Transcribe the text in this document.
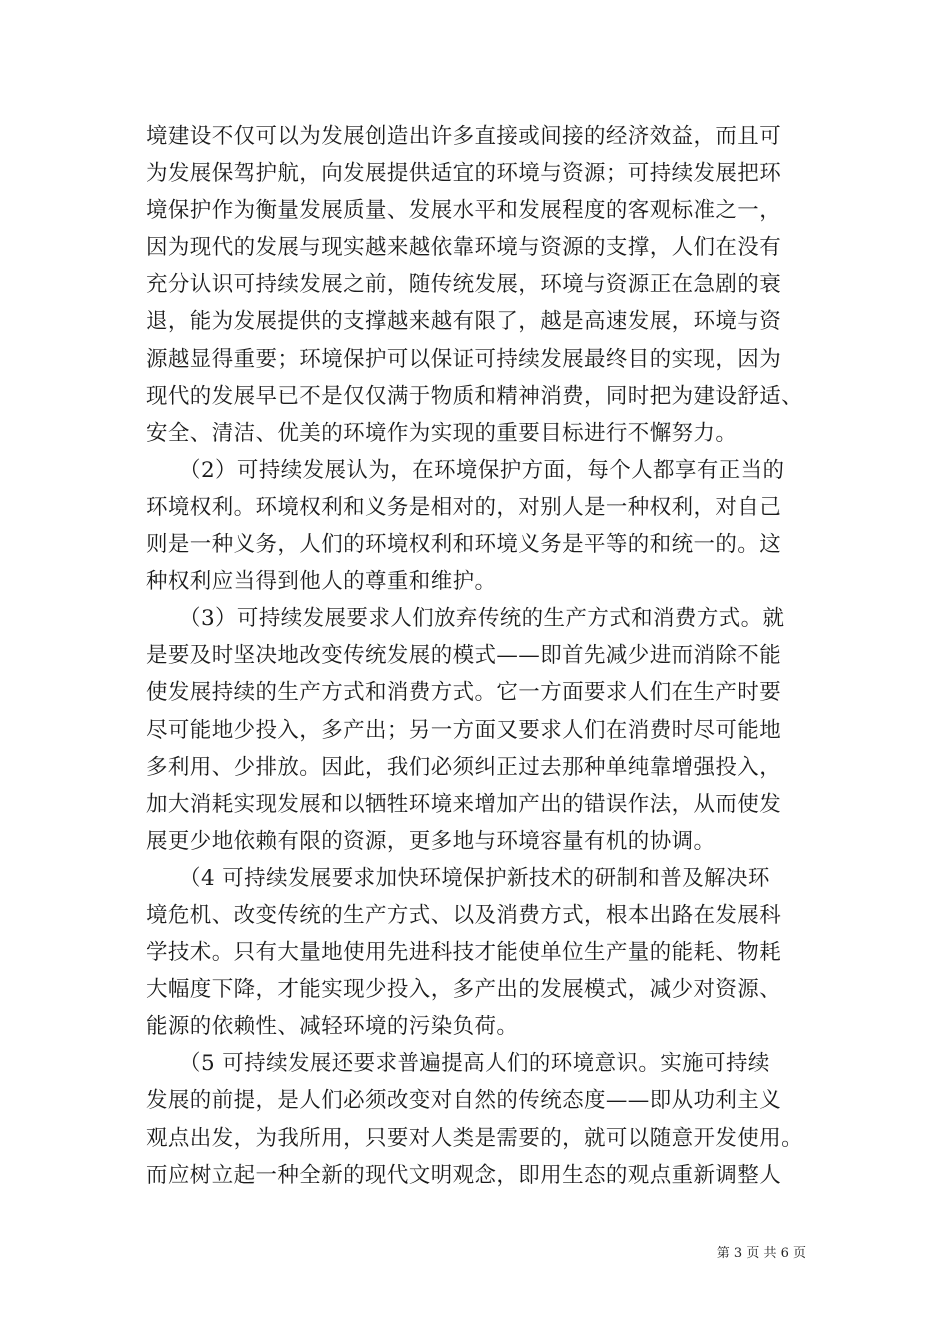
境建设不仅可以为发展创造出许多直接或间接的经济效益，而且可
为发展保驾护航，向发展提供适宜的环境与资源；可持续发展把环
境保护作为衡量发展质量、发展水平和发展程度的客观标准之一，
因为现代的发展与现实越来越依靠环境与资源的支撑，人们在没有
充分认识可持续发展之前，随传统发展，环境与资源正在急剧的衰
退，能为发展提供的支撑越来越有限了，越是高速发展，环境与资
源越显得重要；环境保护可以保证可持续发展最终目的实现，因为
现代的发展早已不是仅仅满于物质和精神消费，同时把为建设舒适、
安全、清洁、优美的环境作为实现的重要目标进行不懈努力。
　　（2）可持续发展认为，在环境保护方面，每个人都享有正当的
环境权利。环境权利和义务是相对的，对别人是一种权利，对自己
则是一种义务，人们的环境权利和环境义务是平等的和统一的。这
种权利应当得到他人的尊重和维护。
　　（3）可持续发展要求人们放弃传统的生产方式和消费方式。就
是要及时坚决地改变传统发展的模式——即首先减少进而消除不能
使发展持续的生产方式和消费方式。它一方面要求人们在生产时要
尽可能地少投入，多产出；另一方面又要求人们在消费时尽可能地
多利用、少排放。因此，我们必须纠正过去那种单纯靠增强投入，
加大消耗实现发展和以牺牲环境来增加产出的错误作法，从而使发
展更少地依赖有限的资源，更多地与环境容量有机的协调。
　　（4 可持续发展要求加快环境保护新技术的研制和普及解决环
境危机、改变传统的生产方式、以及消费方式，根本出路在发展科
学技术。只有大量地使用先进科技才能使单位生产量的能耗、物耗
大幅度下降，才能实现少投入，多产出的发展模式，减少对资源、
能源的依赖性、减轻环境的污染负荷。
　　（5 可持续发展还要求普遍提高人们的环境意识。实施可持续
发展的前提，是人们必须改变对自然的传统态度——即从功利主义
观点出发，为我所用，只要对人类是需要的，就可以随意开发使用。
而应树立起一种全新的现代文明观念，即用生态的观点重新调整人
第 3 页 共 6 页
